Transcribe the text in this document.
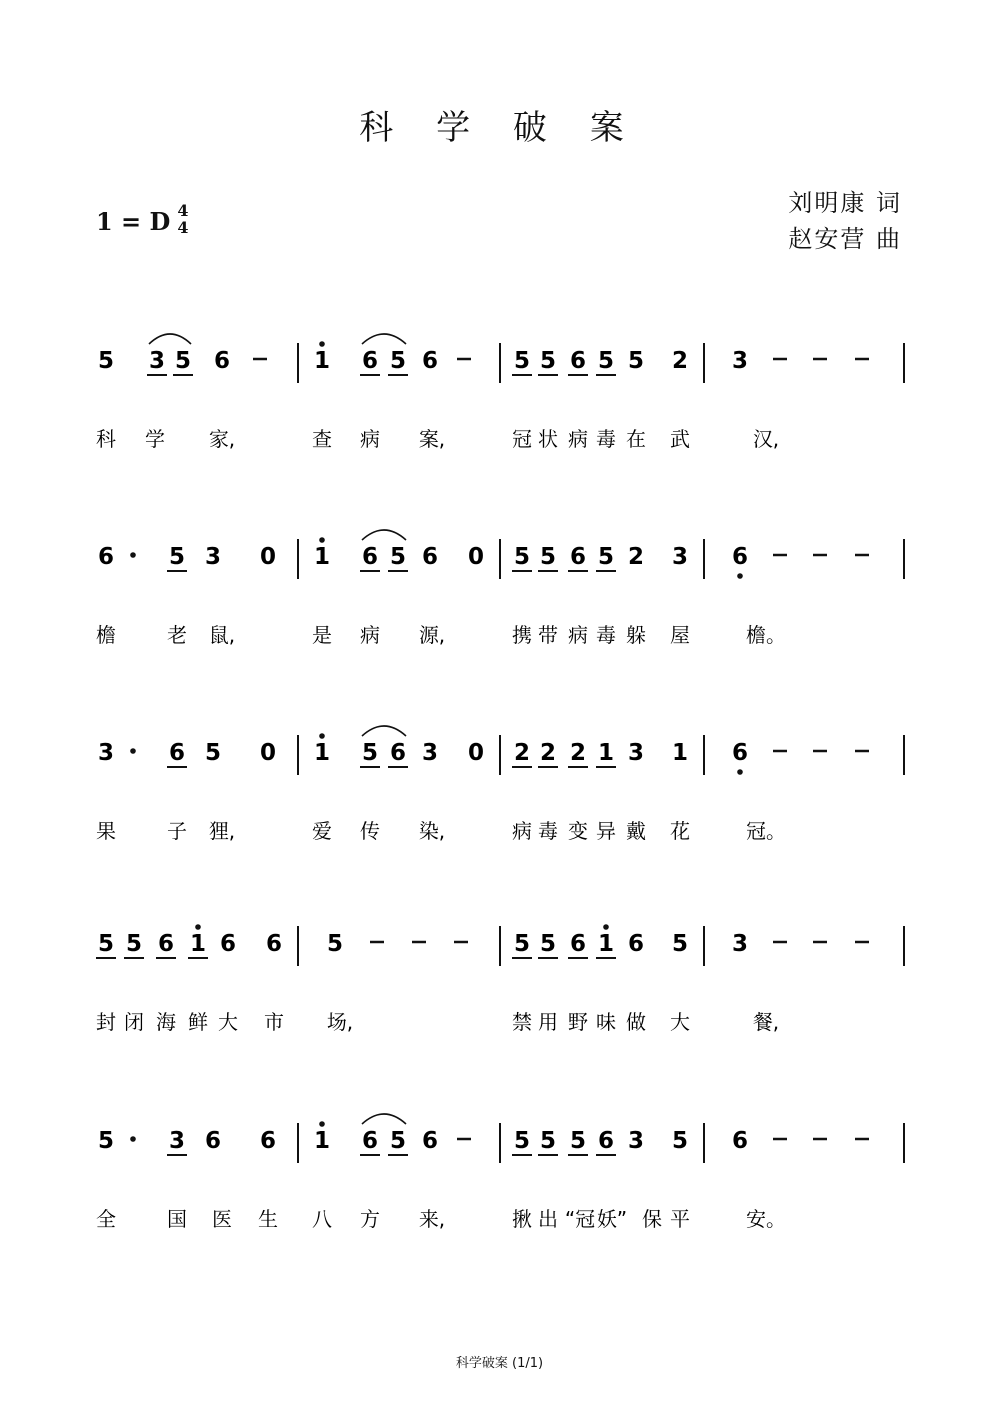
科 学 破 案
1 = D 4
4
刘明康 词
赵安营 曲
5 3 5 6	1 6 5 6	5 5 6 5 5 2 3
科 学 家,	查 病 案,	冠 状 病 毒 在 武	汉,
6 5 3 0 1 6 5 6 0 5 5 6 5 2 3 6
檐	老 鼠,	是 病 源,	携 带 病 毒 躲 屋	檐。
3 6 5 0 1 5 6 3 0 2 2 2 1 3 1 6
果	子 狸,	爱 传 染,	病 毒 变 异 戴 花	冠。
5 5 6 1 6 6 5	5 5 6 1 6 5 3
封 闭 海 鲜 大 市 场,	禁 用 野 味 做 大	餐,
5 3 6 6 1 6 5 6	5 5 5 6 3 5 6
全	国 医 生 八 方 来,	揪 出 “冠 妖” 保 平	安。
科学破案 (1/1)
